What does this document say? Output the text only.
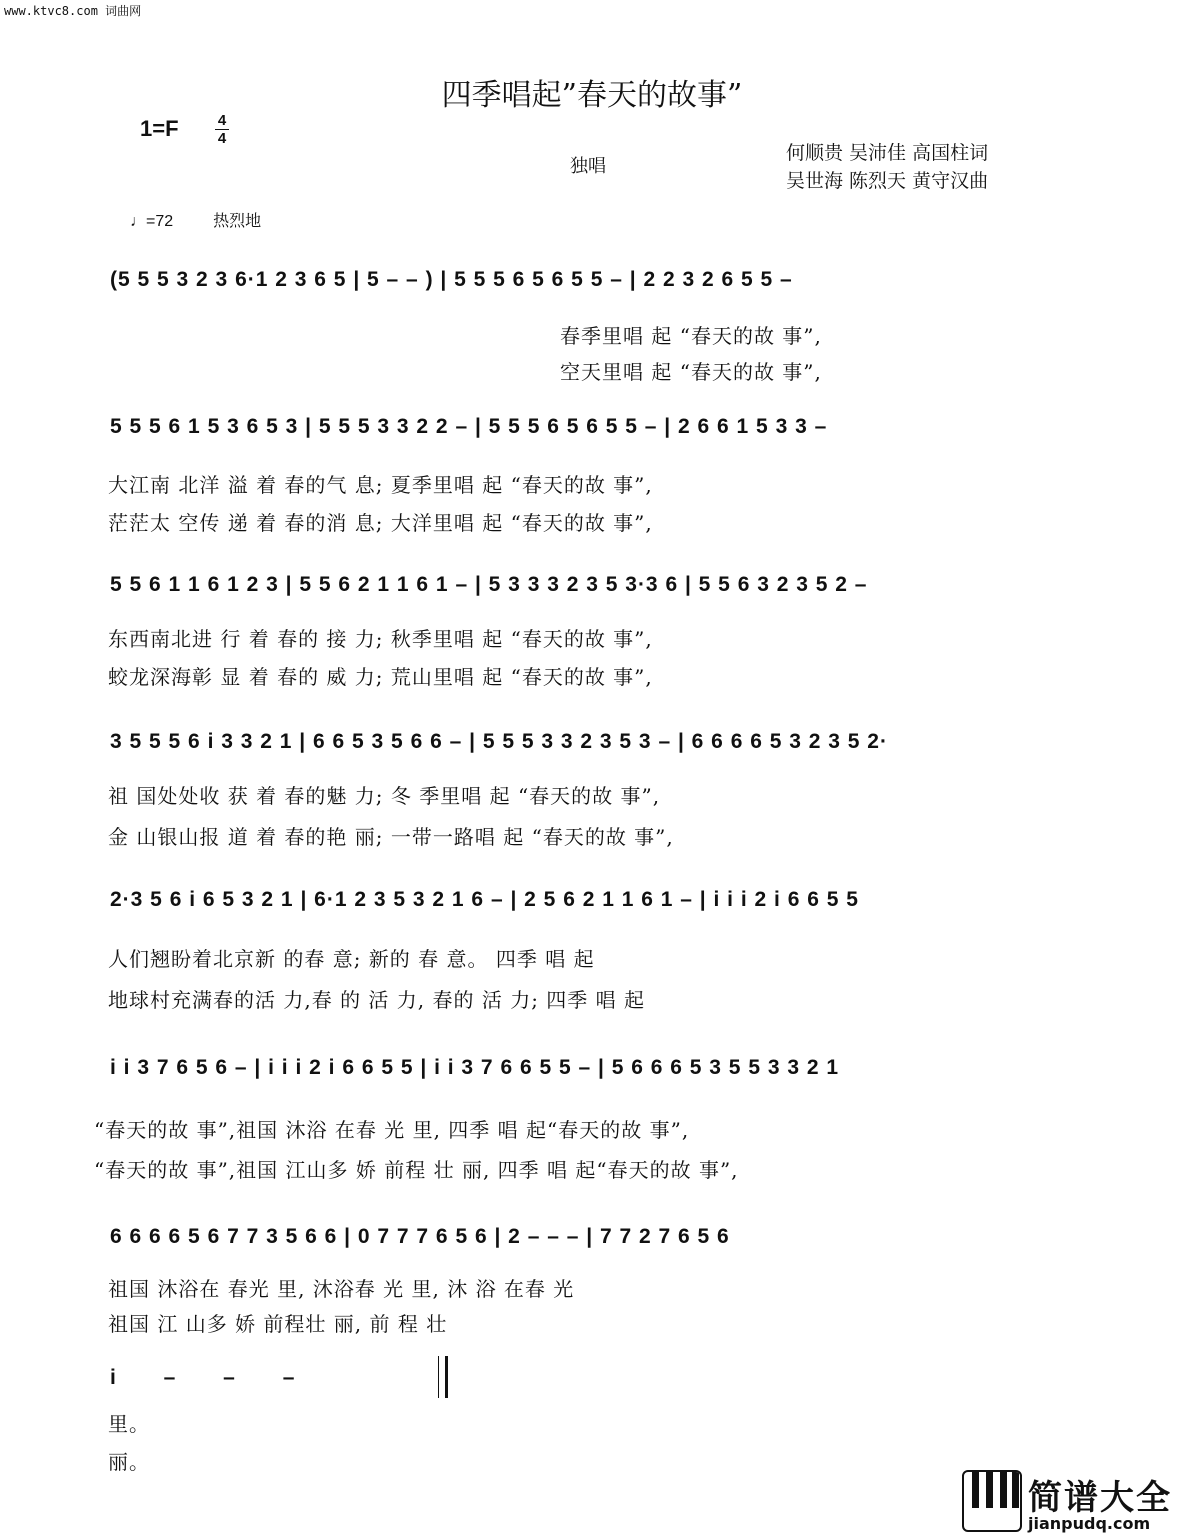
www.ktvc8.com 词曲网
四季唱起”春天的故事”
1=F	4
4
独唱
何顺贵 吴沛佳 高国柱词
吴世海 陈烈天 黄守汉曲
♩=72	热烈地
(5 5 5 3 2 3 6·1 2 3 6 5 | 5 – – ) | 5 5 5 6 5 6 5 5 – | 2 2 3 2 6 5 5 –
春季里唱 起 “春天的故 事”,
空天里唱 起 “春天的故 事”,
5 5 5 6 1 5 3 6 5 3 | 5 5 5 3 3 2 2 – | 5 5 5 6 5 6 5 5 – | 2 6 6 1 5 3 3 –
大江南 北洋 溢 着 春的气 息; 夏季里唱 起 “春天的故 事”,
茫茫太 空传 递 着 春的消 息; 大洋里唱 起 “春天的故 事”,
5 5 6 1 1 6 1 2 3 | 5 5 6 2 1 1 6 1 – | 5 3 3 3 2 3 5 3·3 6 | 5 5 6 3 2 3 5 2 –
东西南北进 行 着 春的 接 力; 秋季里唱 起 “春天的故 事”,
蛟龙深海彰 显 着 春的 威 力; 荒山里唱 起 “春天的故 事”,
3 5 5 5 6 i 3 3 2 1 | 6 6 5 3 5 6 6 – | 5 5 5 3 3 2 3 5 3 – | 6 6 6 6 5 3 2 3 5 2·
祖 国处处收 获 着 春的魅 力; 冬 季里唱 起 “春天的故 事”,
金 山银山报 道 着 春的艳 丽; 一带一路唱 起 “春天的故 事”,
2·3 5 6 i 6 5 3 2 1 | 6·1 2 3 5 3 2 1 6 – | 2 5 6 2 1 1 6 1 – | i i i 2 i 6 6 5 5
人们翘盼着北京新 的春 意; 新的 春 意。 四季 唱 起
地球村充满春的活 力,春 的 活 力, 春的 活 力; 四季 唱 起
i i 3 7 6 5 6 – | i i i 2 i 6 6 5 5 | i i 3 7 6 6 5 5 – | 5 6 6 6 5 3 5 5 3 3 2 1
“春天的故 事”,祖国 沐浴 在春 光 里, 四季 唱 起“春天的故 事”,
“春天的故 事”,祖国 江山多 娇 前程 壮 丽, 四季 唱 起“春天的故 事”,
6 6 6 6 5 6 7 7 3 5 6 6 | 0 7 7 7 6 5 6 | 2 – – – | 7 7 2 7 6 5 6
祖国 沐浴在 春光 里, 沐浴春 光 里, 沐 浴 在春 光
祖国 江 山多 娇 前程壮 丽, 前 程 壮
i – – –
里。
丽。
简谱大全
jianpudq.com
